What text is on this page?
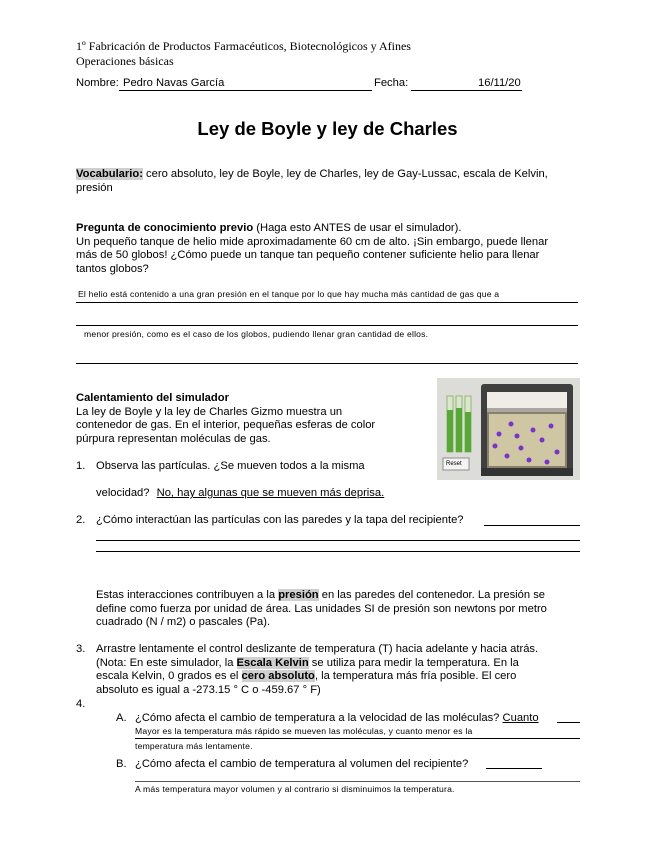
1º Fabricación de Productos Farmacéuticos, Biotecnológicos y Afines
Operaciones básicas
Nombre: Pedro Navas García	Fecha:	16/11/20
Ley de Boyle y ley de Charles
Vocabulario: cero absoluto, ley de Boyle, ley de Charles, ley de Gay-Lussac, escala de Kelvin,
presión
Pregunta de conocimiento previo (Haga esto ANTES de usar el simulador).
Un pequeño tanque de helio mide aproximadamente 60 cm de alto. ¡Sin embargo, puede llenar
más de 50 globos! ¿Cómo puede un tanque tan pequeño contener suficiente helio para llenar
tantos globos?
El helio está contenido a una gran presión en el tanque por lo que hay mucha más cantidad de gas que a
menor presión, como es el caso de los globos, pudiendo llenar gran cantidad de ellos.
Calentamiento del simulador
La ley de Boyle y la ley de Charles Gizmo muestra un
contenedor de gas. En el interior, pequeñas esferas de color
púrpura representan moléculas de gas.
Reset
1. Observa las partículas. ¿Se mueven todos a la misma
velocidad? No, hay algunas que se mueven más deprisa.
2. ¿Cómo interactúan las partículas con las paredes y la tapa del recipiente?
Estas interacciones contribuyen a la presión en las paredes del contenedor. La presión se
define como fuerza por unidad de área. Las unidades SI de presión son newtons por metro
cuadrado (N / m2) o pascales (Pa).
3. Arrastre lentamente el control deslizante de temperatura (T) hacia adelante y hacia atrás.
(Nota: En este simulador, la Escala Kelvin se utiliza para medir la temperatura. En la
escala Kelvin, 0 grados es el cero absoluto, la temperatura más fría posible. El cero
absoluto es igual a -273.15 ° C o -459.67 ° F)
4.
A. ¿Cómo afecta el cambio de temperatura a la velocidad de las moléculas? Cuanto
Mayor es la temperatura más rápido se mueven las moléculas, y cuanto menor es la
temperatura más lentamente.
B. ¿Cómo afecta el cambio de temperatura al volumen del recipiente?
A más temperatura mayor volumen y al contrario si disminuimos la temperatura.
